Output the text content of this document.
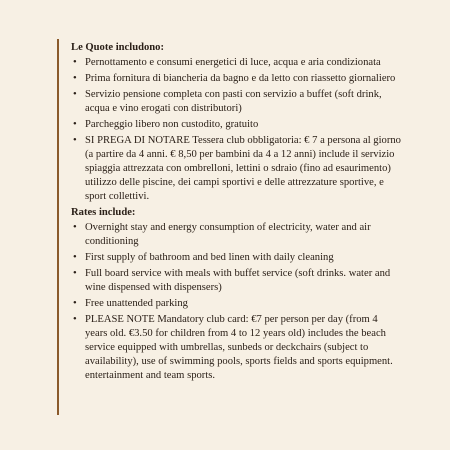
Le Quote includono:

• Pernottamento e consumi energetici di luce, acqua e aria condizionata
• Prima fornitura di biancheria da bagno e da letto con riassetto giornaliero
• Servizio pensione completa con pasti con servizio a buffet (soft drink, acqua e vino erogati con distributori)
• Parcheggio libero non custodito, gratuito
• SI PREGA DI NOTARE Tessera club obbligatoria: € 7 a persona al giorno (a partire da 4 anni. € 8,50 per bambini da 4 a 12 anni) include il servizio spiaggia attrezzata con ombrelloni, lettini o sdraio (fino ad esaurimento) utilizzo delle piscine, dei campi sportivi e delle attrezzature sportive, e sport collettivi.

Rates include:

• Overnight stay and energy consumption of electricity, water and air conditioning
• First supply of bathroom and bed linen with daily cleaning
• Full board service with meals with buffet service (soft drinks. water and wine dispensed with dispensers)
• Free unattended parking
• PLEASE NOTE Mandatory club card: €7 per person per day (from 4 years old. €3.50 for children from 4 to 12 years old) includes the beach service equipped with umbrellas, sunbeds or deckchairs (subject to availability), use of swimming pools, sports fields and sports equipment. entertainment and team sports.
